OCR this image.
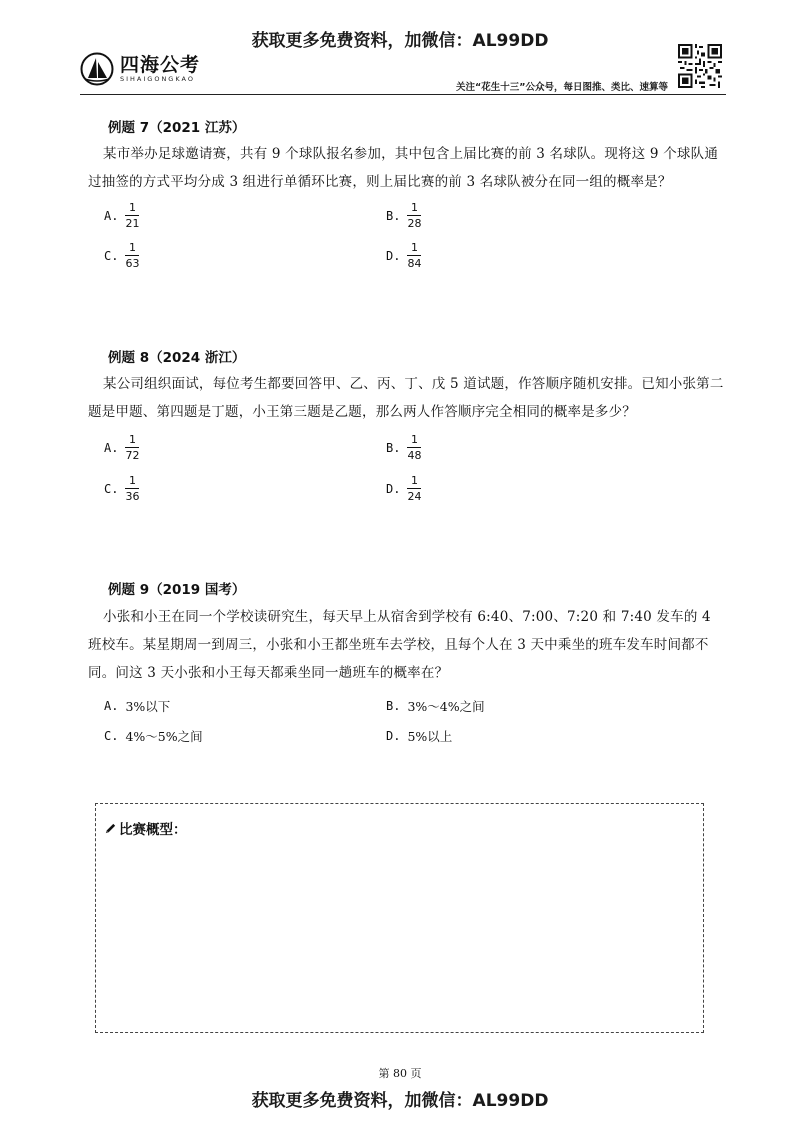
获取更多免费资料，加微信：AL99DD
四海公考
SIHAIGONGKAO
关注“花生十三”公众号，每日图推、类比、速算等
例题 7（2021 江苏）
某市举办足球邀请赛，共有 9 个球队报名参加，其中包含上届比赛的前 3 名球队。现将这 9 个球队通过抽签的方式平均分成 3 组进行单循环比赛，则上届比赛的前 3 名球队被分在同一组的概率是？
A. $\frac{1}{21}$	B. $\frac{1}{28}$
C. $\frac{1}{63}$	D. $\frac{1}{84}$
例题 8（2024 浙江）
某公司组织面试，每位考生都要回答甲、乙、丙、丁、戊 5 道试题，作答顺序随机安排。已知小张第二题是甲题、第四题是丁题，小王第三题是乙题，那么两人作答顺序完全相同的概率是多少？
A. $\frac{1}{72}$	B. $\frac{1}{48}$
C. $\frac{1}{36}$	D. $\frac{1}{24}$
例题 9（2019 国考）
小张和小王在同一个学校读研究生，每天早上从宿舍到学校有 6:40、7:00、7:20 和 7:40 发车的 4 班校车。某星期周一到周三，小张和小王都坐班车去学校，且每个人在 3 天中乘坐的班车发车时间都不同。问这 3 天小张和小王每天都乘坐同一趟班车的概率在？
A. 3%以下	B. 3%～4%之间
C. 4%～5%之间	D. 5%以上
比赛概型：
第 80 页
获取更多免费资料，加微信：AL99DD
